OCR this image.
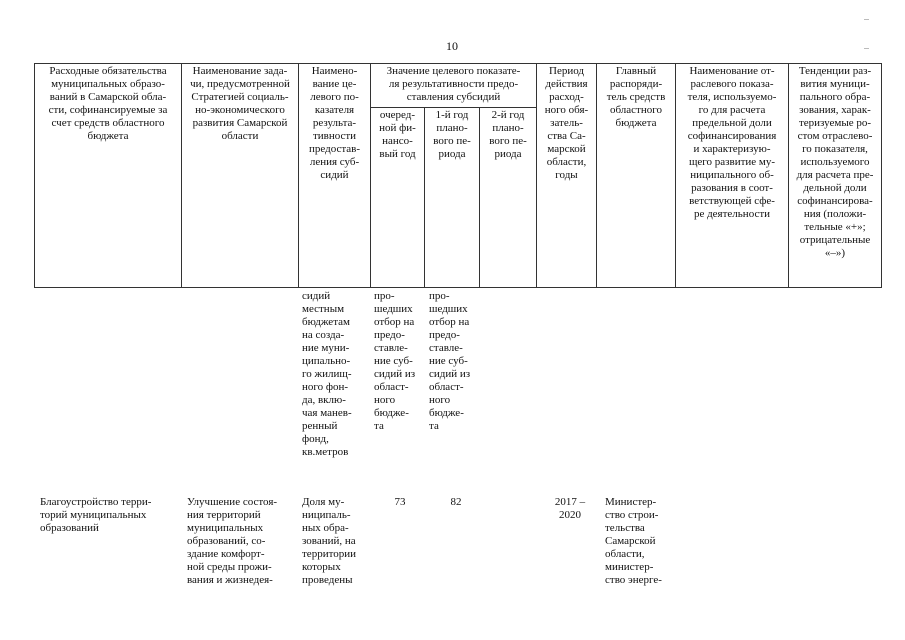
10
Расходные обязательства
муниципальных образо-
ваний в Самарской обла-
сти, софинансируемые за
счет средств областного
бюджета
Наименование зада-
чи, предусмотренной
Стратегией социаль-
но-экономического
развития Самарской
области
Наимено-
вание це-
левого по-
казателя
результа-
тивности
предостав-
ления суб-
сидий
Значение целевого показате-
ля результативности предо-
ставления субсидий
очеред-
ной фи-
нансо-
вый год
1-й год
плано-
вого пе-
риода
2-й год
плано-
вого пе-
риода
Период
действия
расход-
ного обя-
затель-
ства Са-
марской
области,
годы
Главный
распоряди-
тель средств
областного
бюджета
Наименование от-
раслевого показа-
теля, используемо-
го для расчета
предельной доли
софинансирования
и характеризую-
щего развитие му-
ниципального об-
разования в соот-
ветствующей сфе-
ре деятельности
Тенденции раз-
вития муници-
пального обра-
зования, харак-
теризуемые ро-
стом отраслево-
го показателя,
используемого
для расчета пре-
дельной доли
софинансирова-
ния (положи-
тельные «+»;
отрицательные
«–»)
сидий
местным
бюджетам
на созда-
ние муни-
ципально-
го жилищ-
ного фон-
да, вклю-
чая манев-
ренный
фонд,
кв.метров
про-
шедших
отбор на
предо-
ставле-
ние суб-
сидий из
област-
ного
бюдже-
та
про-
шедших
отбор на
предо-
ставле-
ние суб-
сидий из
област-
ного
бюдже-
та
Благоустройство терри-
торий муниципальных
образований
Улучшение состоя-
ния территорий
муниципальных
образований, со-
здание комфорт-
ной среды прожи-
вания и жизнедея-
Доля му-
ниципаль-
ных обра-
зований, на
территории
которых
проведены
73	82	2017 –
2020
Министер-
ство строи-
тельства
Самарской
области,
министер-
ство энерге-
